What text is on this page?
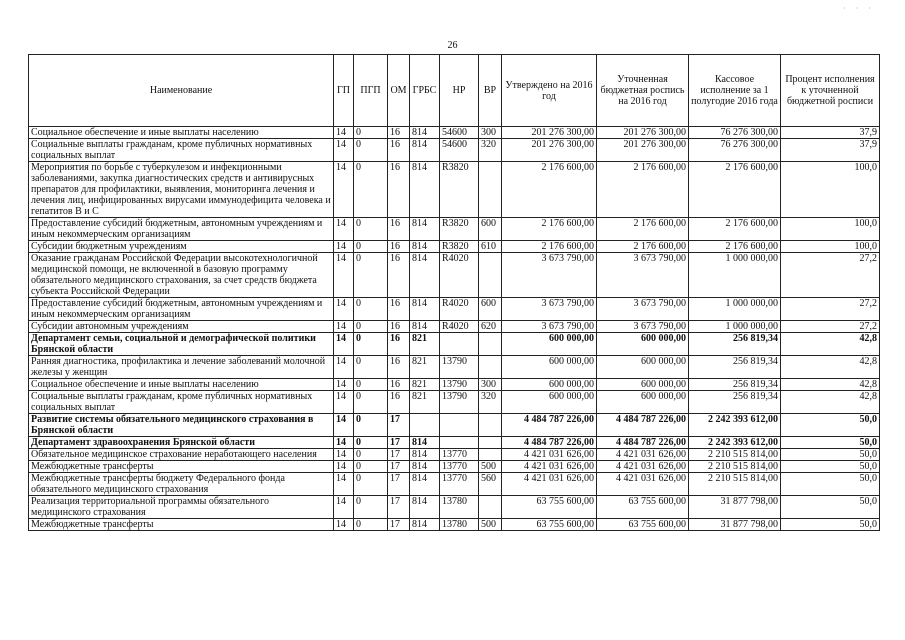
· · ·
26
Наименование	ГП	ПГП	ОМ	ГРБС	НР	ВР	Утверждено на 2016 год	Уточненная бюджетная роспись на 2016 год	Кассовое исполнение за 1 полугодие 2016 года	Процент исполнения к уточненной бюджетной росписи
Социальное обеспечение и иные выплаты населению	14	0	16	814	54600	300	201 276 300,00	201 276 300,00	76 276 300,00	37,9
Социальные выплаты гражданам, кроме публичных нормативных социальных выплат	14	0	16	814	54600	320	201 276 300,00	201 276 300,00	76 276 300,00	37,9
Мероприятия по борьбе с туберкулезом и инфекционными заболеваниями, закупка диагностических средств и антивирусных препаратов для профилактики, выявления, мониторинга лечения и лечения лиц, инфицированных вирусами иммунодефицита человека и гепатитов В и С	14	0	16	814	R3820		2 176 600,00	2 176 600,00	2 176 600,00	100,0
Предоставление субсидий бюджетным, автономным учреждениям и иным некоммерческим организациям	14	0	16	814	R3820	600	2 176 600,00	2 176 600,00	2 176 600,00	100,0
Субсидии бюджетным учреждениям	14	0	16	814	R3820	610	2 176 600,00	2 176 600,00	2 176 600,00	100,0
Оказание гражданам Российской Федерации высокотехнологичной медицинской помощи, не включенной в базовую программу обязательного медицинского страхования, за счет средств бюджета субъекта Российской Федерации	14	0	16	814	R4020		3 673 790,00	3 673 790,00	1 000 000,00	27,2
Предоставление субсидий бюджетным, автономным учреждениям и иным некоммерческим организациям	14	0	16	814	R4020	600	3 673 790,00	3 673 790,00	1 000 000,00	27,2
Субсидии автономным учреждениям	14	0	16	814	R4020	620	3 673 790,00	3 673 790,00	1 000 000,00	27,2
Департамент семьи, социальной и демографической политики Брянской области	14	0	16	821			600 000,00	600 000,00	256 819,34	42,8
Ранняя диагностика, профилактика и лечение заболеваний молочной железы у женщин	14	0	16	821	13790		600 000,00	600 000,00	256 819,34	42,8
Социальное обеспечение и иные выплаты населению	14	0	16	821	13790	300	600 000,00	600 000,00	256 819,34	42,8
Социальные выплаты гражданам, кроме публичных нормативных социальных выплат	14	0	16	821	13790	320	600 000,00	600 000,00	256 819,34	42,8
Развитие системы обязательного медицинского страхования в Брянской области	14	0	17				4 484 787 226,00	4 484 787 226,00	2 242 393 612,00	50,0
Департамент здравоохранения Брянской области	14	0	17	814			4 484 787 226,00	4 484 787 226,00	2 242 393 612,00	50,0
Обязательное медицинское страхование неработающего населения	14	0	17	814	13770		4 421 031 626,00	4 421 031 626,00	2 210 515 814,00	50,0
Межбюджетные трансферты	14	0	17	814	13770	500	4 421 031 626,00	4 421 031 626,00	2 210 515 814,00	50,0
Межбюджетные трансферты бюджету Федерального фонда обязательного медицинского страхования	14	0	17	814	13770	560	4 421 031 626,00	4 421 031 626,00	2 210 515 814,00	50,0
Реализация территориальной программы обязательного медицинского страхования	14	0	17	814	13780		63 755 600,00	63 755 600,00	31 877 798,00	50,0
Межбюджетные трансферты	14	0	17	814	13780	500	63 755 600,00	63 755 600,00	31 877 798,00	50,0
